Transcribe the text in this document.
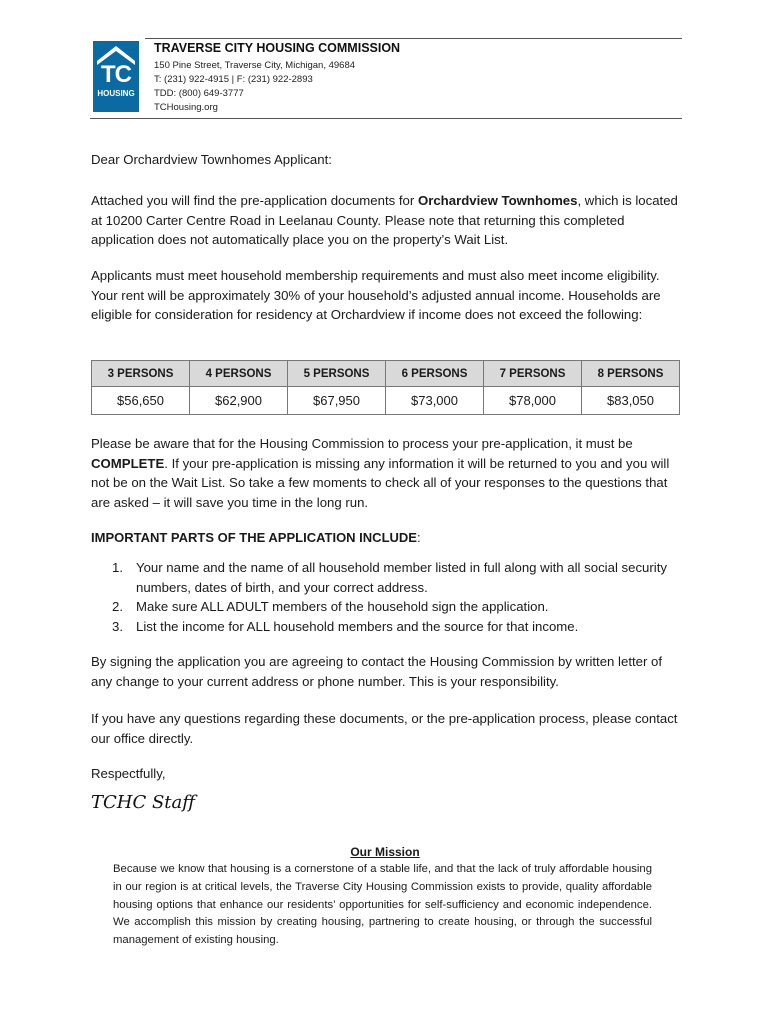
TC
HOUSING
TRAVERSE CITY HOUSING COMMISSION
150 Pine Street, Traverse City, Michigan, 49684
T: (231) 922-4915 | F: (231) 922-2893
TDD: (800) 649-3777
TCHousing.org
Dear Orchardview Townhomes Applicant:

Attached you will find the pre-application documents for Orchardview Townhomes, which is located at 10200 Carter Centre Road in Leelanau County. Please note that returning this completed application does not automatically place you on the property’s Wait List.

Applicants must meet household membership requirements and must also meet income eligibility. Your rent will be approximately 30% of your household’s adjusted annual income. Households are eligible for consideration for residency at Orchardview if income does not exceed the following:

3 PERSONS	4 PERSONS	5 PERSONS	6 PERSONS	7 PERSONS	8 PERSONS
$56,650	$62,900	$67,950	$73,000	$78,000	$83,050

Please be aware that for the Housing Commission to process your pre-application, it must be COMPLETE. If your pre-application is missing any information it will be returned to you and you will not be on the Wait List. So take a few moments to check all of your responses to the questions that are asked – it will save you time in the long run.

IMPORTANT PARTS OF THE APPLICATION INCLUDE:
1. Your name and the name of all household member listed in full along with all social security numbers, dates of birth, and your correct address.
2. Make sure ALL ADULT members of the household sign the application.
3. List the income for ALL household members and the source for that income.

By signing the application you are agreeing to contact the Housing Commission by written letter of any change to your current address or phone number. This is your responsibility.

If you have any questions regarding these documents, or the pre-application process, please contact our office directly.

Respectfully,
TCHC Staff
Our Mission

Because we know that housing is a cornerstone of a stable life, and that the lack of truly affordable housing in our region is at critical levels, the Traverse City Housing Commission exists to provide, quality affordable housing options that enhance our residents’ opportunities for self-sufficiency and economic independence. We accomplish this mission by creating housing, partnering to create housing, or through the successful management of existing housing.
